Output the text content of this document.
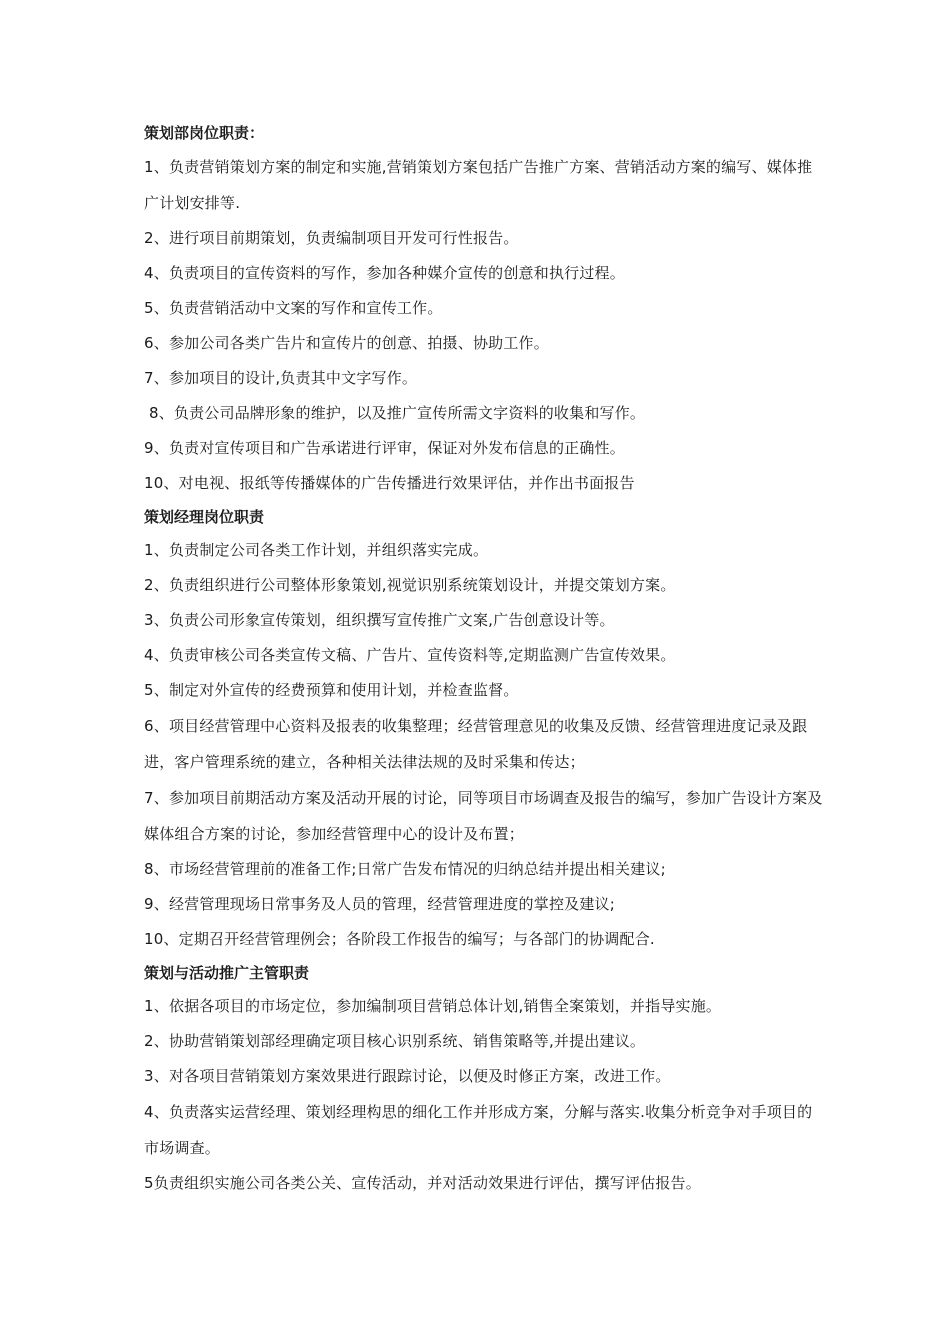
策划部岗位职责：

1、负责营销策划方案的制定和实施,营销策划方案包括广告推广方案、营销活动方案的编写、媒体推广计划安排等.

2、进行项目前期策划，负责编制项目开发可行性报告。

4、负责项目的宣传资料的写作，参加各种媒介宣传的创意和执行过程。

5、负责营销活动中文案的写作和宣传工作。

6、参加公司各类广告片和宣传片的创意、拍摄、协助工作。

7、参加项目的设计,负责其中文字写作。

8、负责公司品牌形象的维护，以及推广宣传所需文字资料的收集和写作。

9、负责对宣传项目和广告承诺进行评审，保证对外发布信息的正确性。

10、对电视、报纸等传播媒体的广告传播进行效果评估，并作出书面报告

策划经理岗位职责

1、负责制定公司各类工作计划，并组织落实完成。

2、负责组织进行公司整体形象策划,视觉识别系统策划设计，并提交策划方案。

3、负责公司形象宣传策划，组织撰写宣传推广文案,广告创意设计等。

4、负责审核公司各类宣传文稿、广告片、宣传资料等,定期监测广告宣传效果。

5、制定对外宣传的经费预算和使用计划，并检查监督。

6、项目经营管理中心资料及报表的收集整理；经营管理意见的收集及反馈、经营管理进度记录及跟进，客户管理系统的建立，各种相关法律法规的及时采集和传达；

7、参加项目前期活动方案及活动开展的讨论，同等项目市场调查及报告的编写，参加广告设计方案及媒体组合方案的讨论，参加经营管理中心的设计及布置；

8、市场经营管理前的准备工作;日常广告发布情况的归纳总结并提出相关建议;

9、经营管理现场日常事务及人员的管理，经营管理进度的掌控及建议;

10、定期召开经营管理例会；各阶段工作报告的编写；与各部门的协调配合.

策划与活动推广主管职责

1、依据各项目的市场定位，参加编制项目营销总体计划,销售全案策划，并指导实施。

2、协助营销策划部经理确定项目核心识别系统、销售策略等,并提出建议。

3、对各项目营销策划方案效果进行跟踪讨论，以便及时修正方案，改进工作。

4、负责落实运营经理、策划经理构思的细化工作并形成方案，分解与落实.收集分析竞争对手项目的市场调查。

5负责组织实施公司各类公关、宣传活动，并对活动效果进行评估，撰写评估报告。
